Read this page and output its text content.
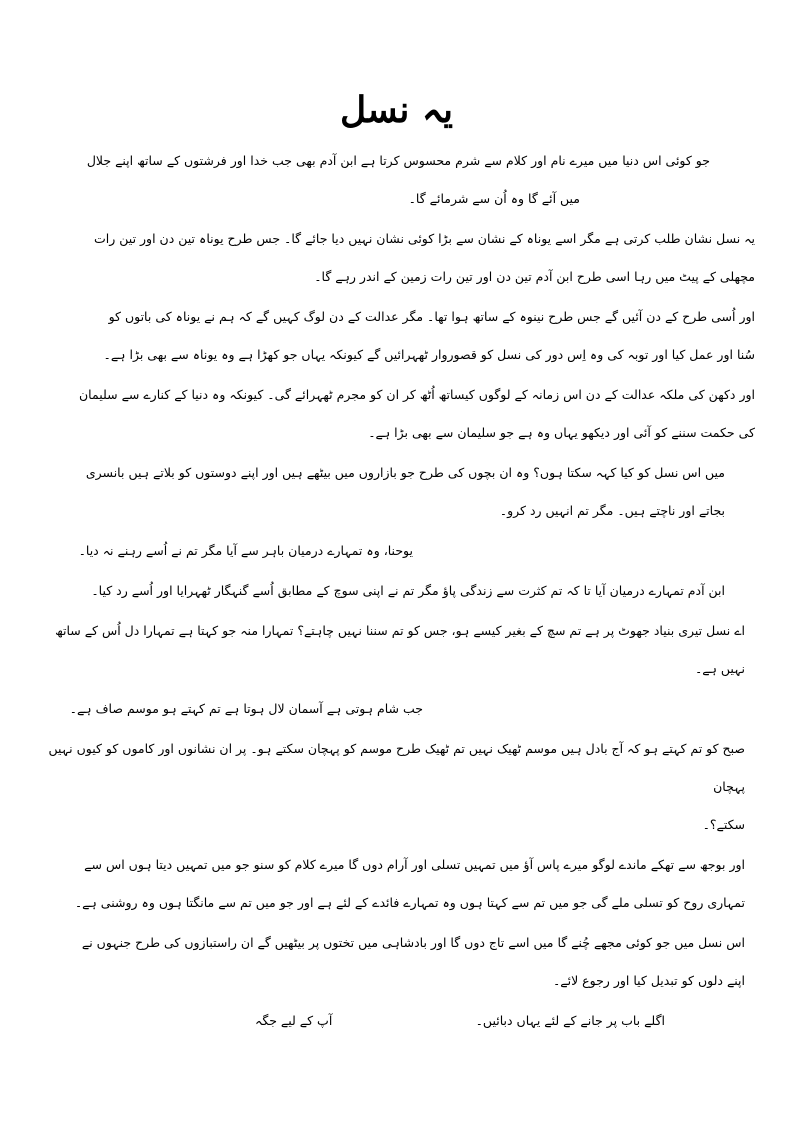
یہ نسل

جو کوئی اس دنیا میں میرے نام اور کلام سے شرم محسوس کرتا ہے ابن آدم بھی جب خدا اور فرشتوں کے ساتھ اپنے جلال
میں آئے گا وہ اُن سے شرمائے گا۔

یہ نسل نشان طلب کرتی ہے مگر اسے یوناہ کے نشان سے بڑا کوئی نشان نہیں دیا جائے گا۔ جس طرح یوناہ تین دن اور تین رات
مچھلی کے پیٹ میں رہا اسی طرح ابن آدم تین دن اور تین رات زمین کے اندر رہے گا۔

اور اُسی طرح کے دن آئیں گے جس طرح نینوہ کے ساتھ ہوا تھا۔ مگر عدالت کے دن لوگ کہیں گے کہ ہم نے یوناہ کی باتوں کو
سُنا اور عمل کیا اور توبہ کی وہ اِس دور کی نسل کو قصوروار ٹھہرائیں گے کیونکہ یہاں جو کھڑا ہے وہ یوناہ سے بھی بڑا ہے۔

اور دکھن کی ملکہ عدالت کے دن اس زمانہ کے لوگوں کیساتھ اُٹھ کر ان کو مجرم ٹھہرائے گی۔ کیونکہ وہ دنیا کے کنارے سے سلیمان
کی حکمت سننے کو آئی اور دیکھو یہاں وہ ہے جو سلیمان سے بھی بڑا ہے۔

میں اس نسل کو کیا کہہ سکتا ہوں؟ وہ ان بچوں کی طرح جو بازاروں میں بیٹھے ہیں اور اپنے دوستوں کو بلاتے ہیں بانسری
بجاتے اور ناچتے ہیں۔ مگر تم انہیں رد کرو۔

یوحنا، وہ تمہارے درمیان باہر سے آیا مگر تم نے اُسے رہنے نہ دیا۔

ابن آدم تمہارے درمیان آیا تا کہ تم کثرت سے زندگی پاؤ مگر تم نے اپنی سوچ کے مطابق اُسے گنہگار ٹھہرایا اور اُسے رد کیا۔

اے نسل تیری بنیاد جھوٹ پر ہے تم سچ کے بغیر کیسے ہو، جس کو تم سننا نہیں چاہتے؟ تمہارا منہ جو کہتا ہے تمہارا دل اُس کے ساتھ
نہیں ہے۔

جب شام ہوتی ہے آسمان لال ہوتا ہے تم کہتے ہو موسم صاف ہے۔

صبح کو تم کہتے ہو کہ آج بادل ہیں موسم ٹھیک نہیں تم ٹھیک طرح موسم کو پہچان سکتے ہو۔ پر ان نشانوں اور کاموں کو کیوں نہیں پہچان
سکتے؟۔

اور بوجھ سے تھکے ماندے لوگو میرے پاس آؤ میں تمہیں تسلی اور آرام دوں گا میرے کلام کو سنو جو میں تمہیں دیتا ہوں اس سے
تمہاری روح کو تسلی ملے گی جو میں تم سے کہتا ہوں وہ تمہارے فائدے کے لئے ہے اور جو میں تم سے مانگتا ہوں وہ روشنی ہے۔

اس نسل میں جو کوئی مجھے چُنے گا میں اسے تاج دوں گا اور بادشاہی میں تختوں پر بیٹھیں گے ان راستبازوں کی طرح جنہوں نے
اپنے دلوں کو تبدیل کیا اور رجوع لائے۔

اگلے باب پر جانے کے لئے یہاں دبائیں۔
آپ کے لیے جگہ
